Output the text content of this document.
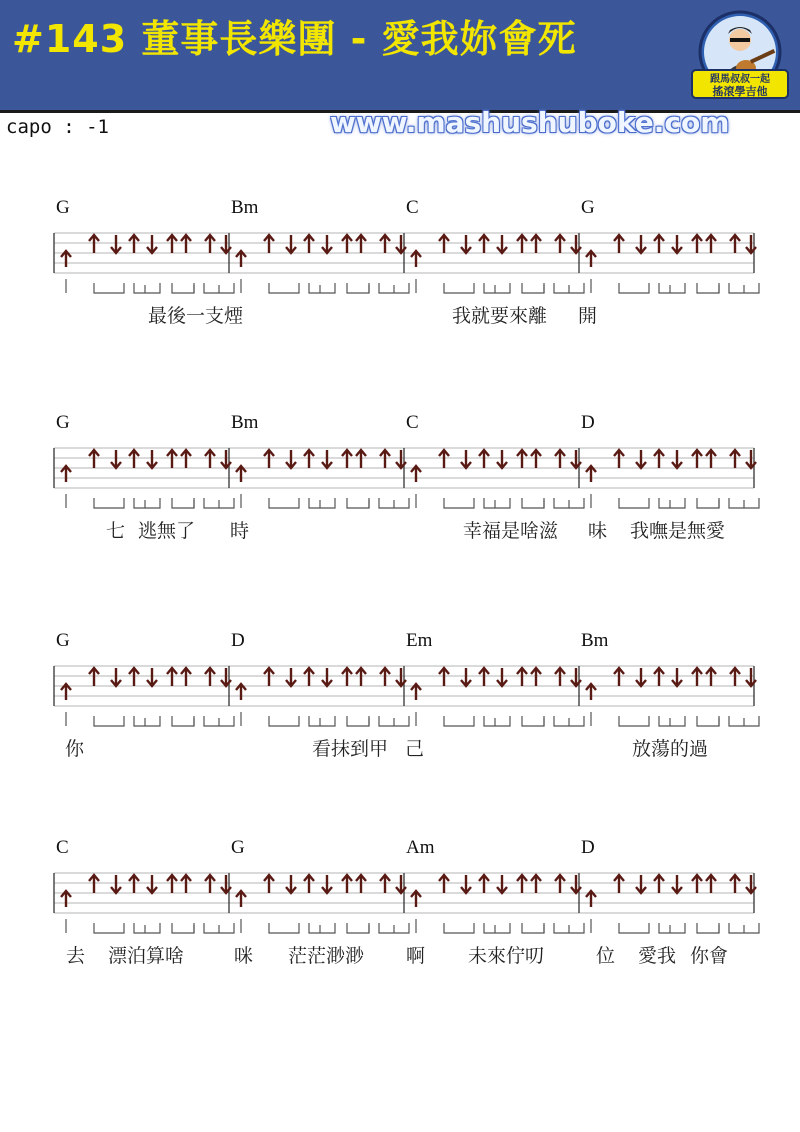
#143 董事長樂團 - 愛我妳會死
跟馬叔叔一起
搖滾學吉他
capo : -1	www.mashushuboke.com
G	Bm	C	G
最後一支煙	我就要來離 開
G	Bm	C	D
七 逃無了 時	幸福是啥滋 味 我嘸是無愛
G	D	Em	Bm
你	看抹到甲 己	放蕩的過
C	G	Am	D
去 漂泊算啥	咪 茫茫渺渺 啊 未來佇叨	位 愛我 你會
